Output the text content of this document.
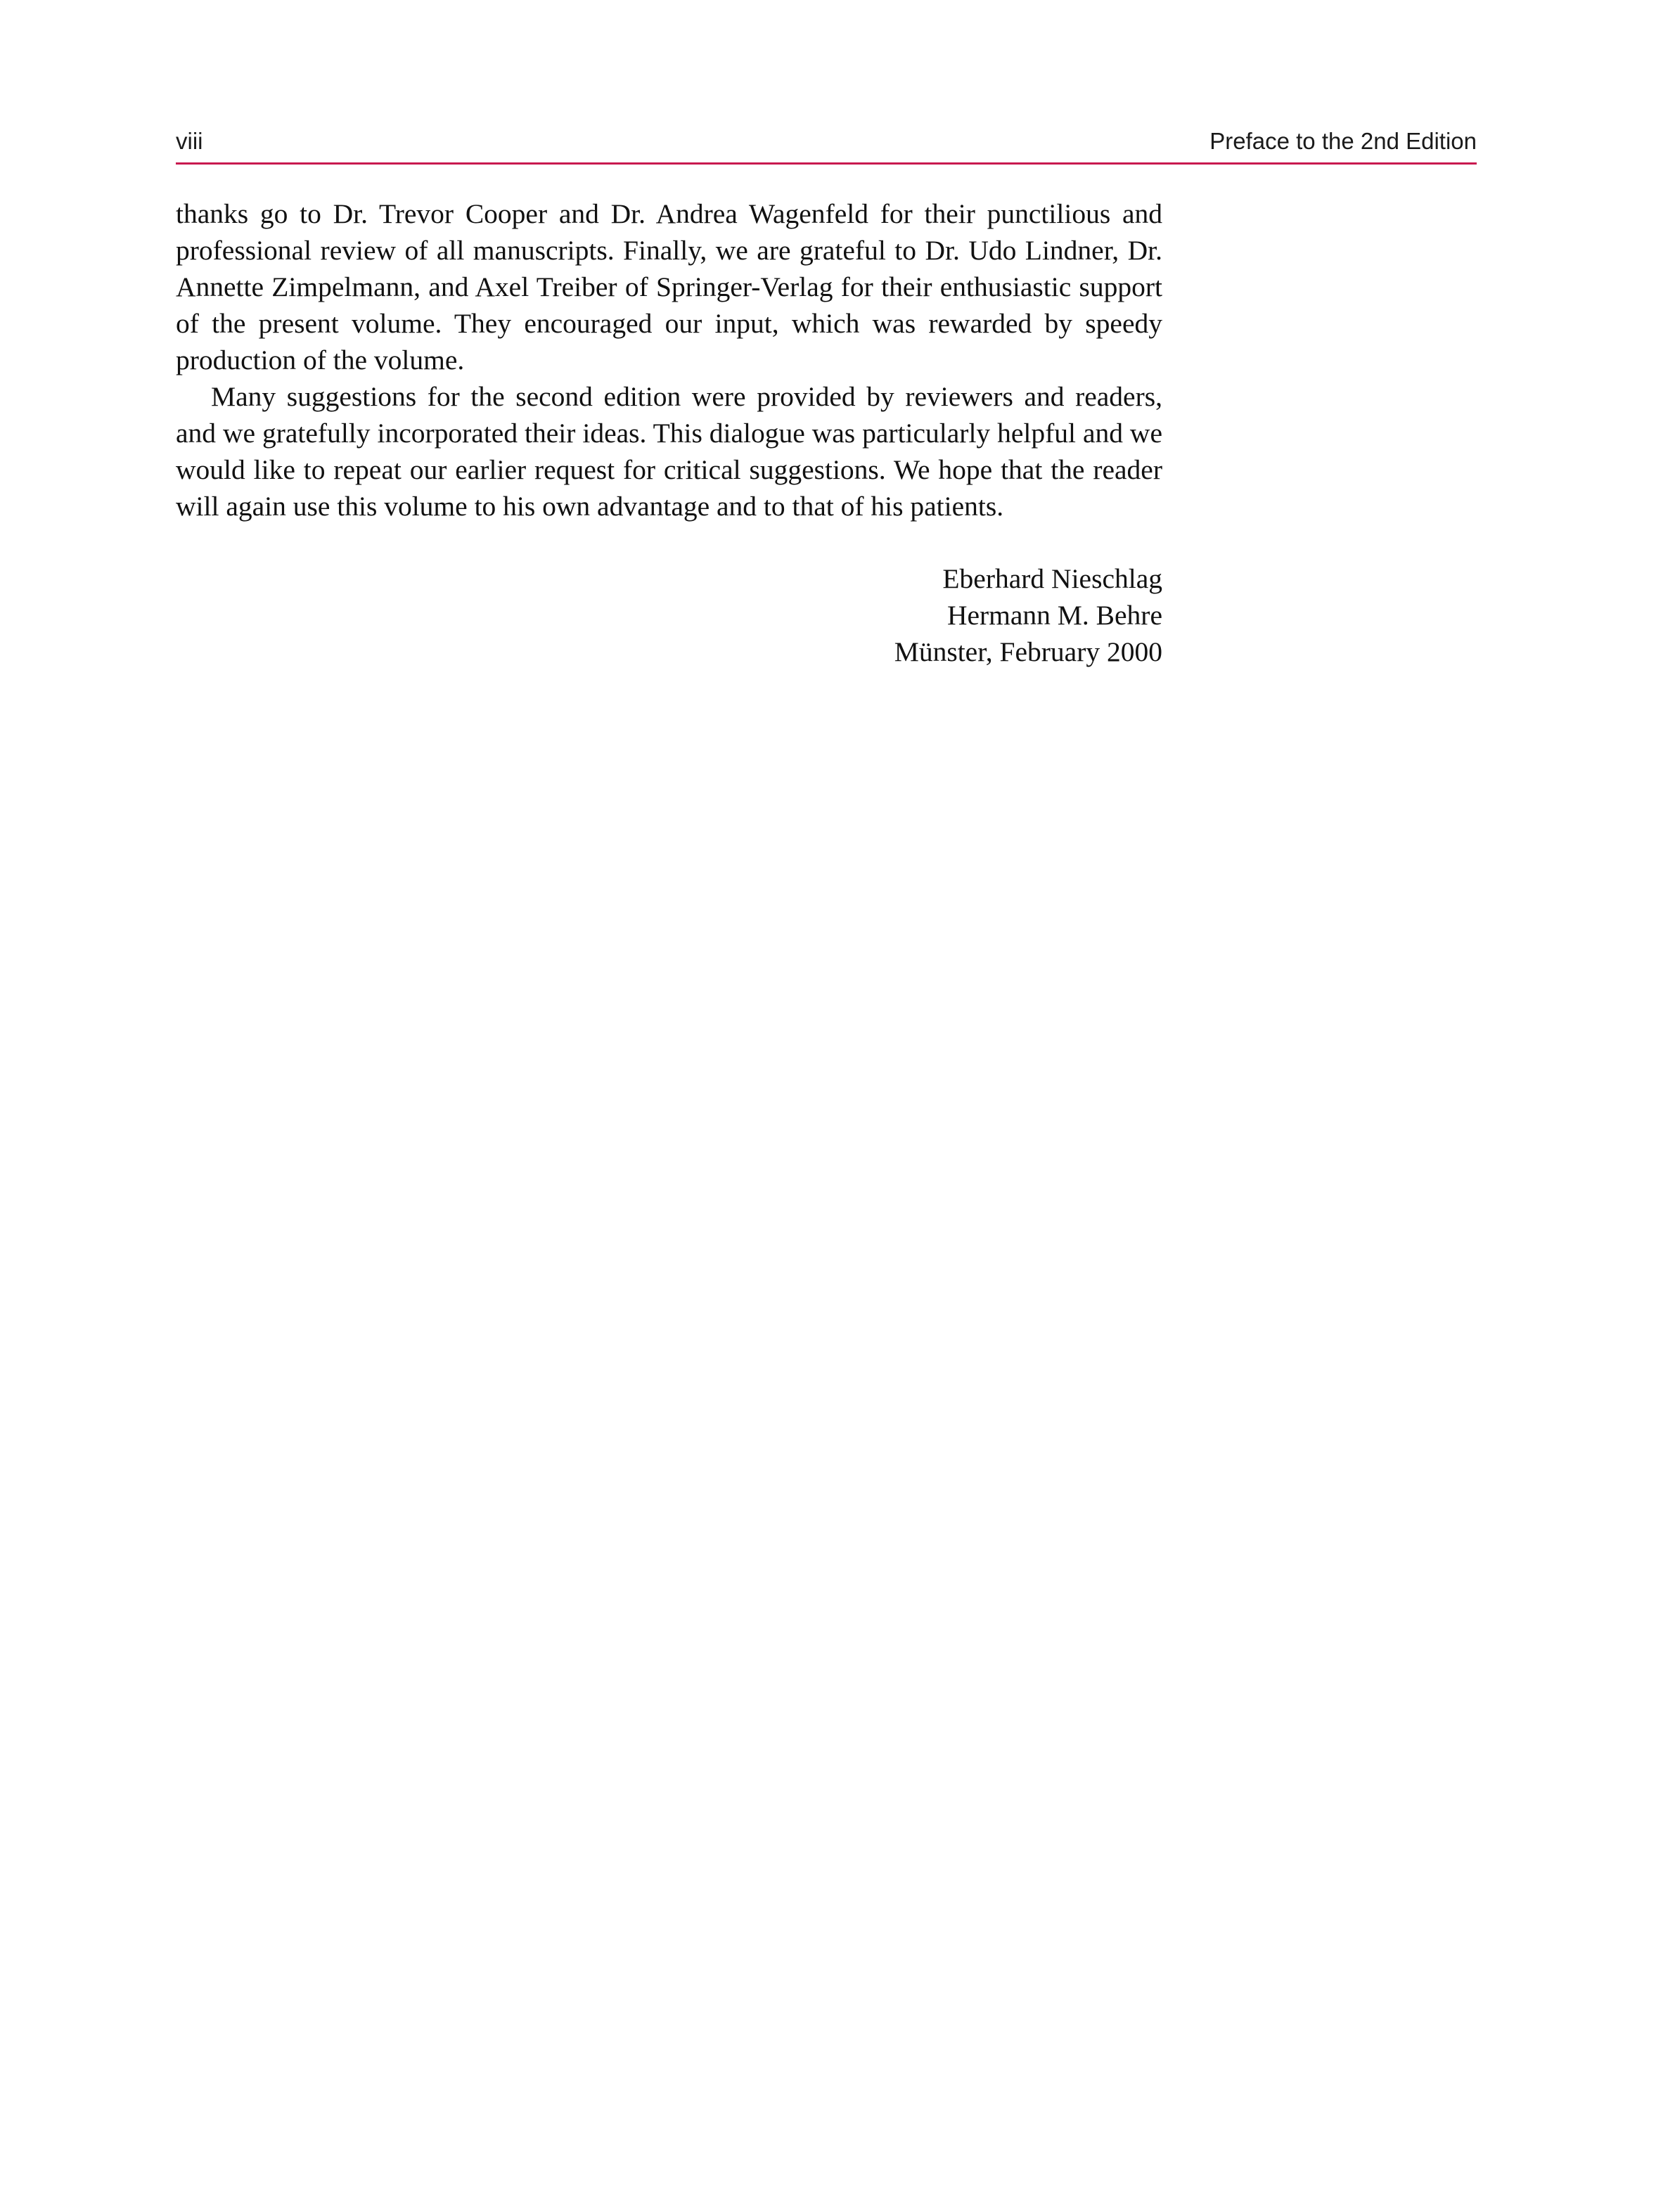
viii	Preface to the 2nd Edition

thanks go to Dr. Trevor Cooper and Dr. Andrea Wagenfeld for their punctilious and professional review of all manuscripts. Finally, we are grateful to Dr. Udo Lindner, Dr. Annette Zimpelmann, and Axel Treiber of Springer-Verlag for their enthusiastic support of the present volume. They encouraged our input, which was rewarded by speedy production of the volume.

Many suggestions for the second edition were provided by reviewers and readers, and we gratefully incorporated their ideas. This dialogue was particularly helpful and we would like to repeat our earlier request for critical suggestions. We hope that the reader will again use this volume to his own advantage and to that of his patients.

Eberhard Nieschlag
Hermann M. Behre
Münster, February 2000
